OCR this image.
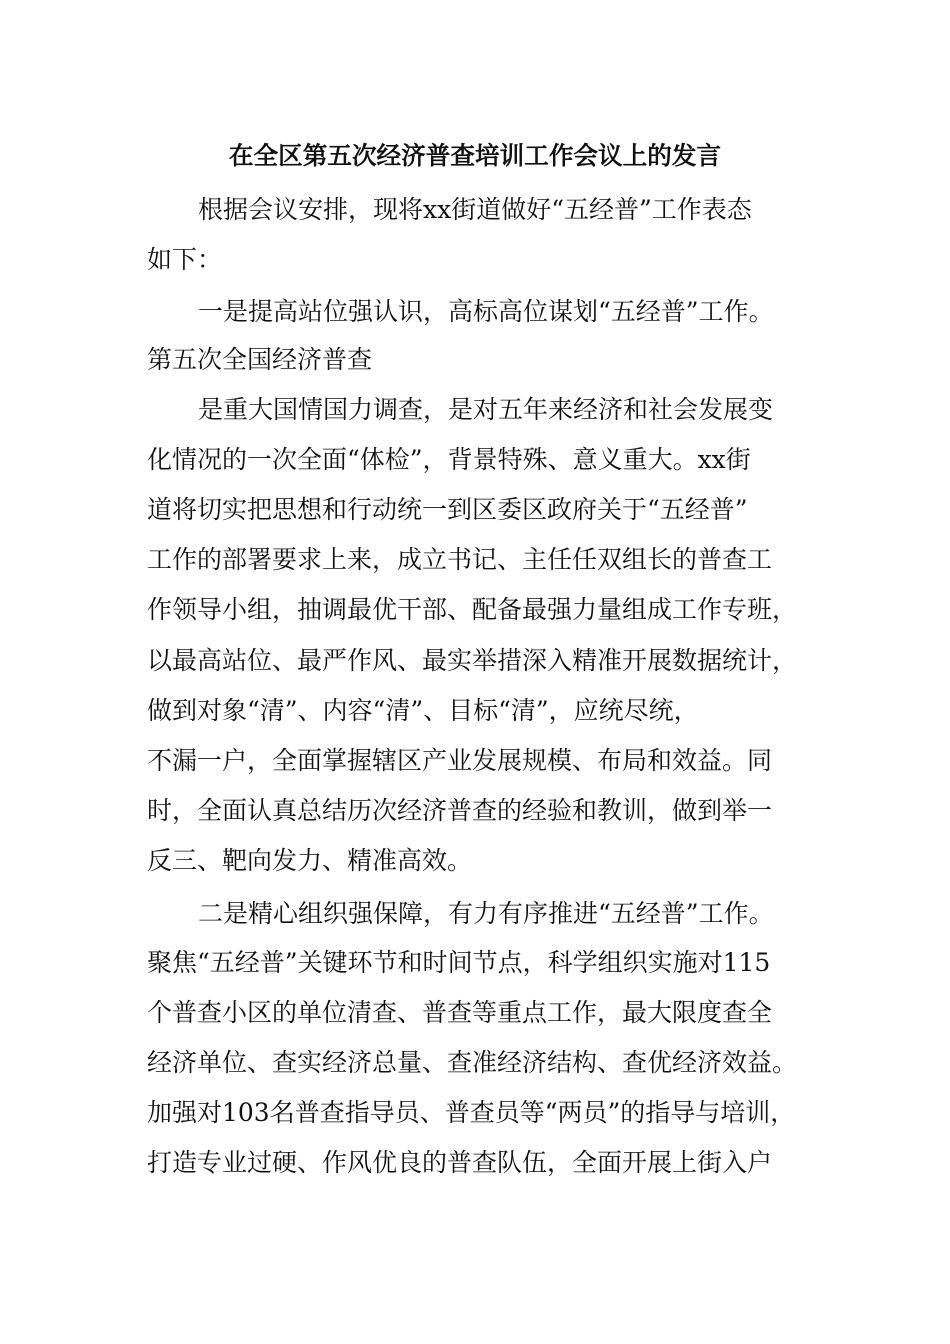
在全区第五次经济普查培训工作会议上的发言
根据会议安排，现将xx街道做好“五经普”工作表态
如下：
一是提高站位强认识，高标高位谋划“五经普”工作。
第五次全国经济普查
是重大国情国力调查，是对五年来经济和社会发展变
化情况的一次全面“体检”，背景特殊、意义重大。xx街
道将切实把思想和行动统一到区委区政府关于“五经普”
工作的部署要求上来，成立书记、主任任双组长的普查工
作领导小组，抽调最优干部、配备最强力量组成工作专班，
以最高站位、最严作风、最实举措深入精准开展数据统计，
做到对象“清”、内容“清”、目标“清”，应统尽统，
不漏一户，全面掌握辖区产业发展规模、布局和效益。同
时，全面认真总结历次经济普查的经验和教训，做到举一
反三、靶向发力、精准高效。
二是精心组织强保障，有力有序推进“五经普”工作。
聚焦“五经普”关键环节和时间节点，科学组织实施对115
个普查小区的单位清查、普查等重点工作，最大限度查全
经济单位、查实经济总量、查准经济结构、查优经济效益。
加强对103名普查指导员、普查员等“两员”的指导与培训，
打造专业过硬、作风优良的普查队伍，全面开展上街入户
